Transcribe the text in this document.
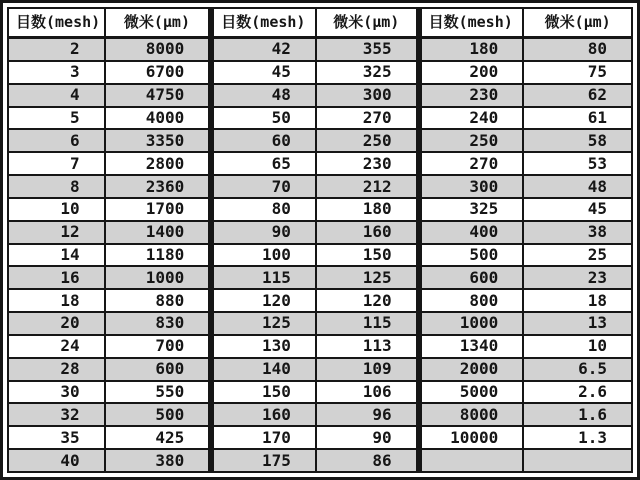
目数(mesh)	微米(μm)	目数(mesh)	微米(μm)	目数(mesh)	微米(μm)
2	8000	42	355	180	80
3	6700	45	325	200	75
4	4750	48	300	230	62
5	4000	50	270	240	61
6	3350	60	250	250	58
7	2800	65	230	270	53
8	2360	70	212	300	48
10	1700	80	180	325	45
12	1400	90	160	400	38
14	1180	100	150	500	25
16	1000	115	125	600	23
18	880	120	120	800	18
20	830	125	115	1000	13
24	700	130	113	1340	10
28	600	140	109	2000	6.5
30	550	150	106	5000	2.6
32	500	160	96	8000	1.6
35	425	170	90	10000	1.3
40	380	175	86		
